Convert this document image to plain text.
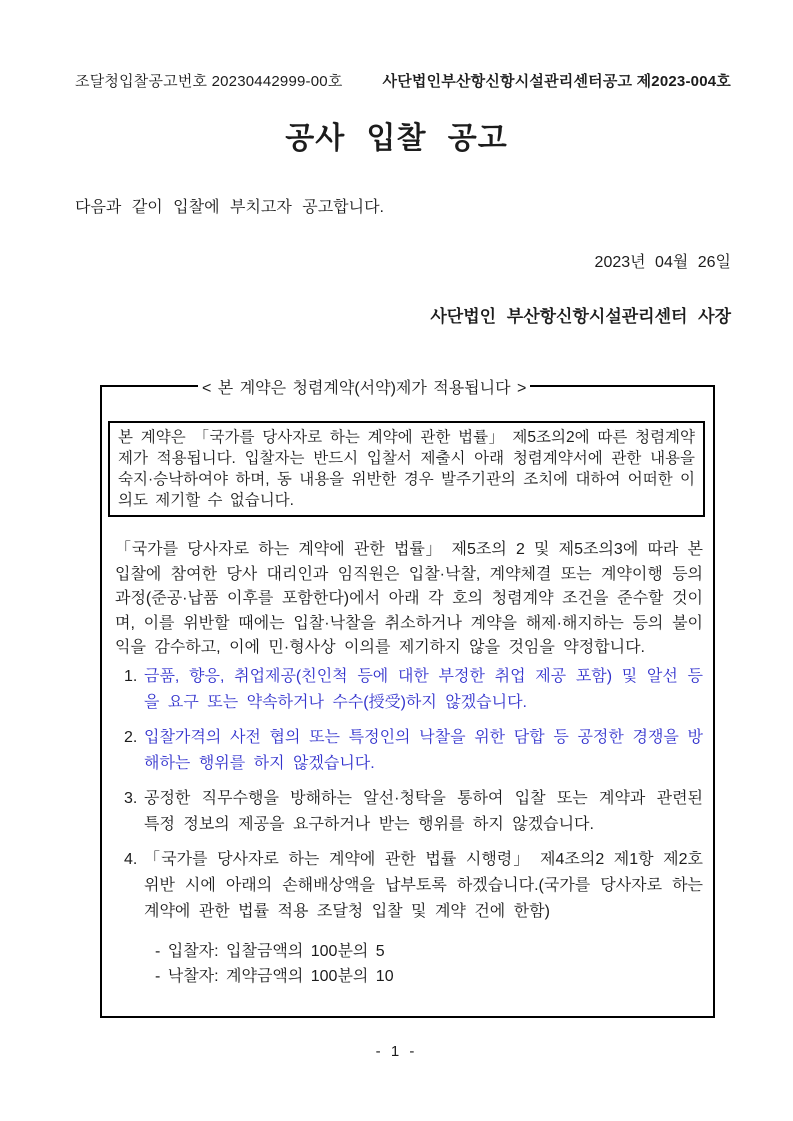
조달청입찰공고번호 20230442999-00호	사단법인부산항신항시설관리센터공고 제2023-004호
공사 입찰 공고

다음과 같이 입찰에 부치고자 공고합니다.

2023년 04월 26일

사단법인 부산항신항시설관리센터 사장

< 본 계약은 청렴계약(서약)제가 적용됩니다 >

본 계약은 「국가를 당사자로 하는 계약에 관한 법률」 제5조의2에 따른 청렴계약제가 적용됩니다. 입찰자는 반드시 입찰서 제출시 아래 청렴계약서에 관한 내용을 숙지·승낙하여야 하며, 동 내용을 위반한 경우 발주기관의 조치에 대하여 어떠한 이의도 제기할 수 없습니다.

「국가를 당사자로 하는 계약에 관한 법률」 제5조의 2 및 제5조의3에 따라 본 입찰에 참여한 당사 대리인과 임직원은 입찰·낙찰, 계약체결 또는 계약이행 등의 과정(준공·납품 이후를 포함한다)에서 아래 각 호의 청렴계약 조건을 준수할 것이며, 이를 위반할 때에는 입찰·낙찰을 취소하거나 계약을 해제·해지하는 등의 불이익을 감수하고, 이에 민·형사상 이의를 제기하지 않을 것임을 약정합니다.

1. 금품, 향응, 취업제공(친인척 등에 대한 부정한 취업 제공 포함) 및 알선 등을 요구 또는 약속하거나 수수(授受)하지 않겠습니다.
2. 입찰가격의 사전 협의 또는 특정인의 낙찰을 위한 담합 등 공정한 경쟁을 방해하는 행위를 하지 않겠습니다.
3. 공정한 직무수행을 방해하는 알선·청탁을 통하여 입찰 또는 계약과 관련된 특정 정보의 제공을 요구하거나 받는 행위를 하지 않겠습니다.
4. 「국가를 당사자로 하는 계약에 관한 법률 시행령」 제4조의2 제1항 제2호 위반 시에 아래의 손해배상액을 납부토록 하겠습니다.(국가를 당사자로 하는 계약에 관한 법률 적용 조달청 입찰 및 계약 건에 한함)

- 입찰자: 입찰금액의 100분의 5

- 낙찰자: 계약금액의 100분의 10

- 1 -
